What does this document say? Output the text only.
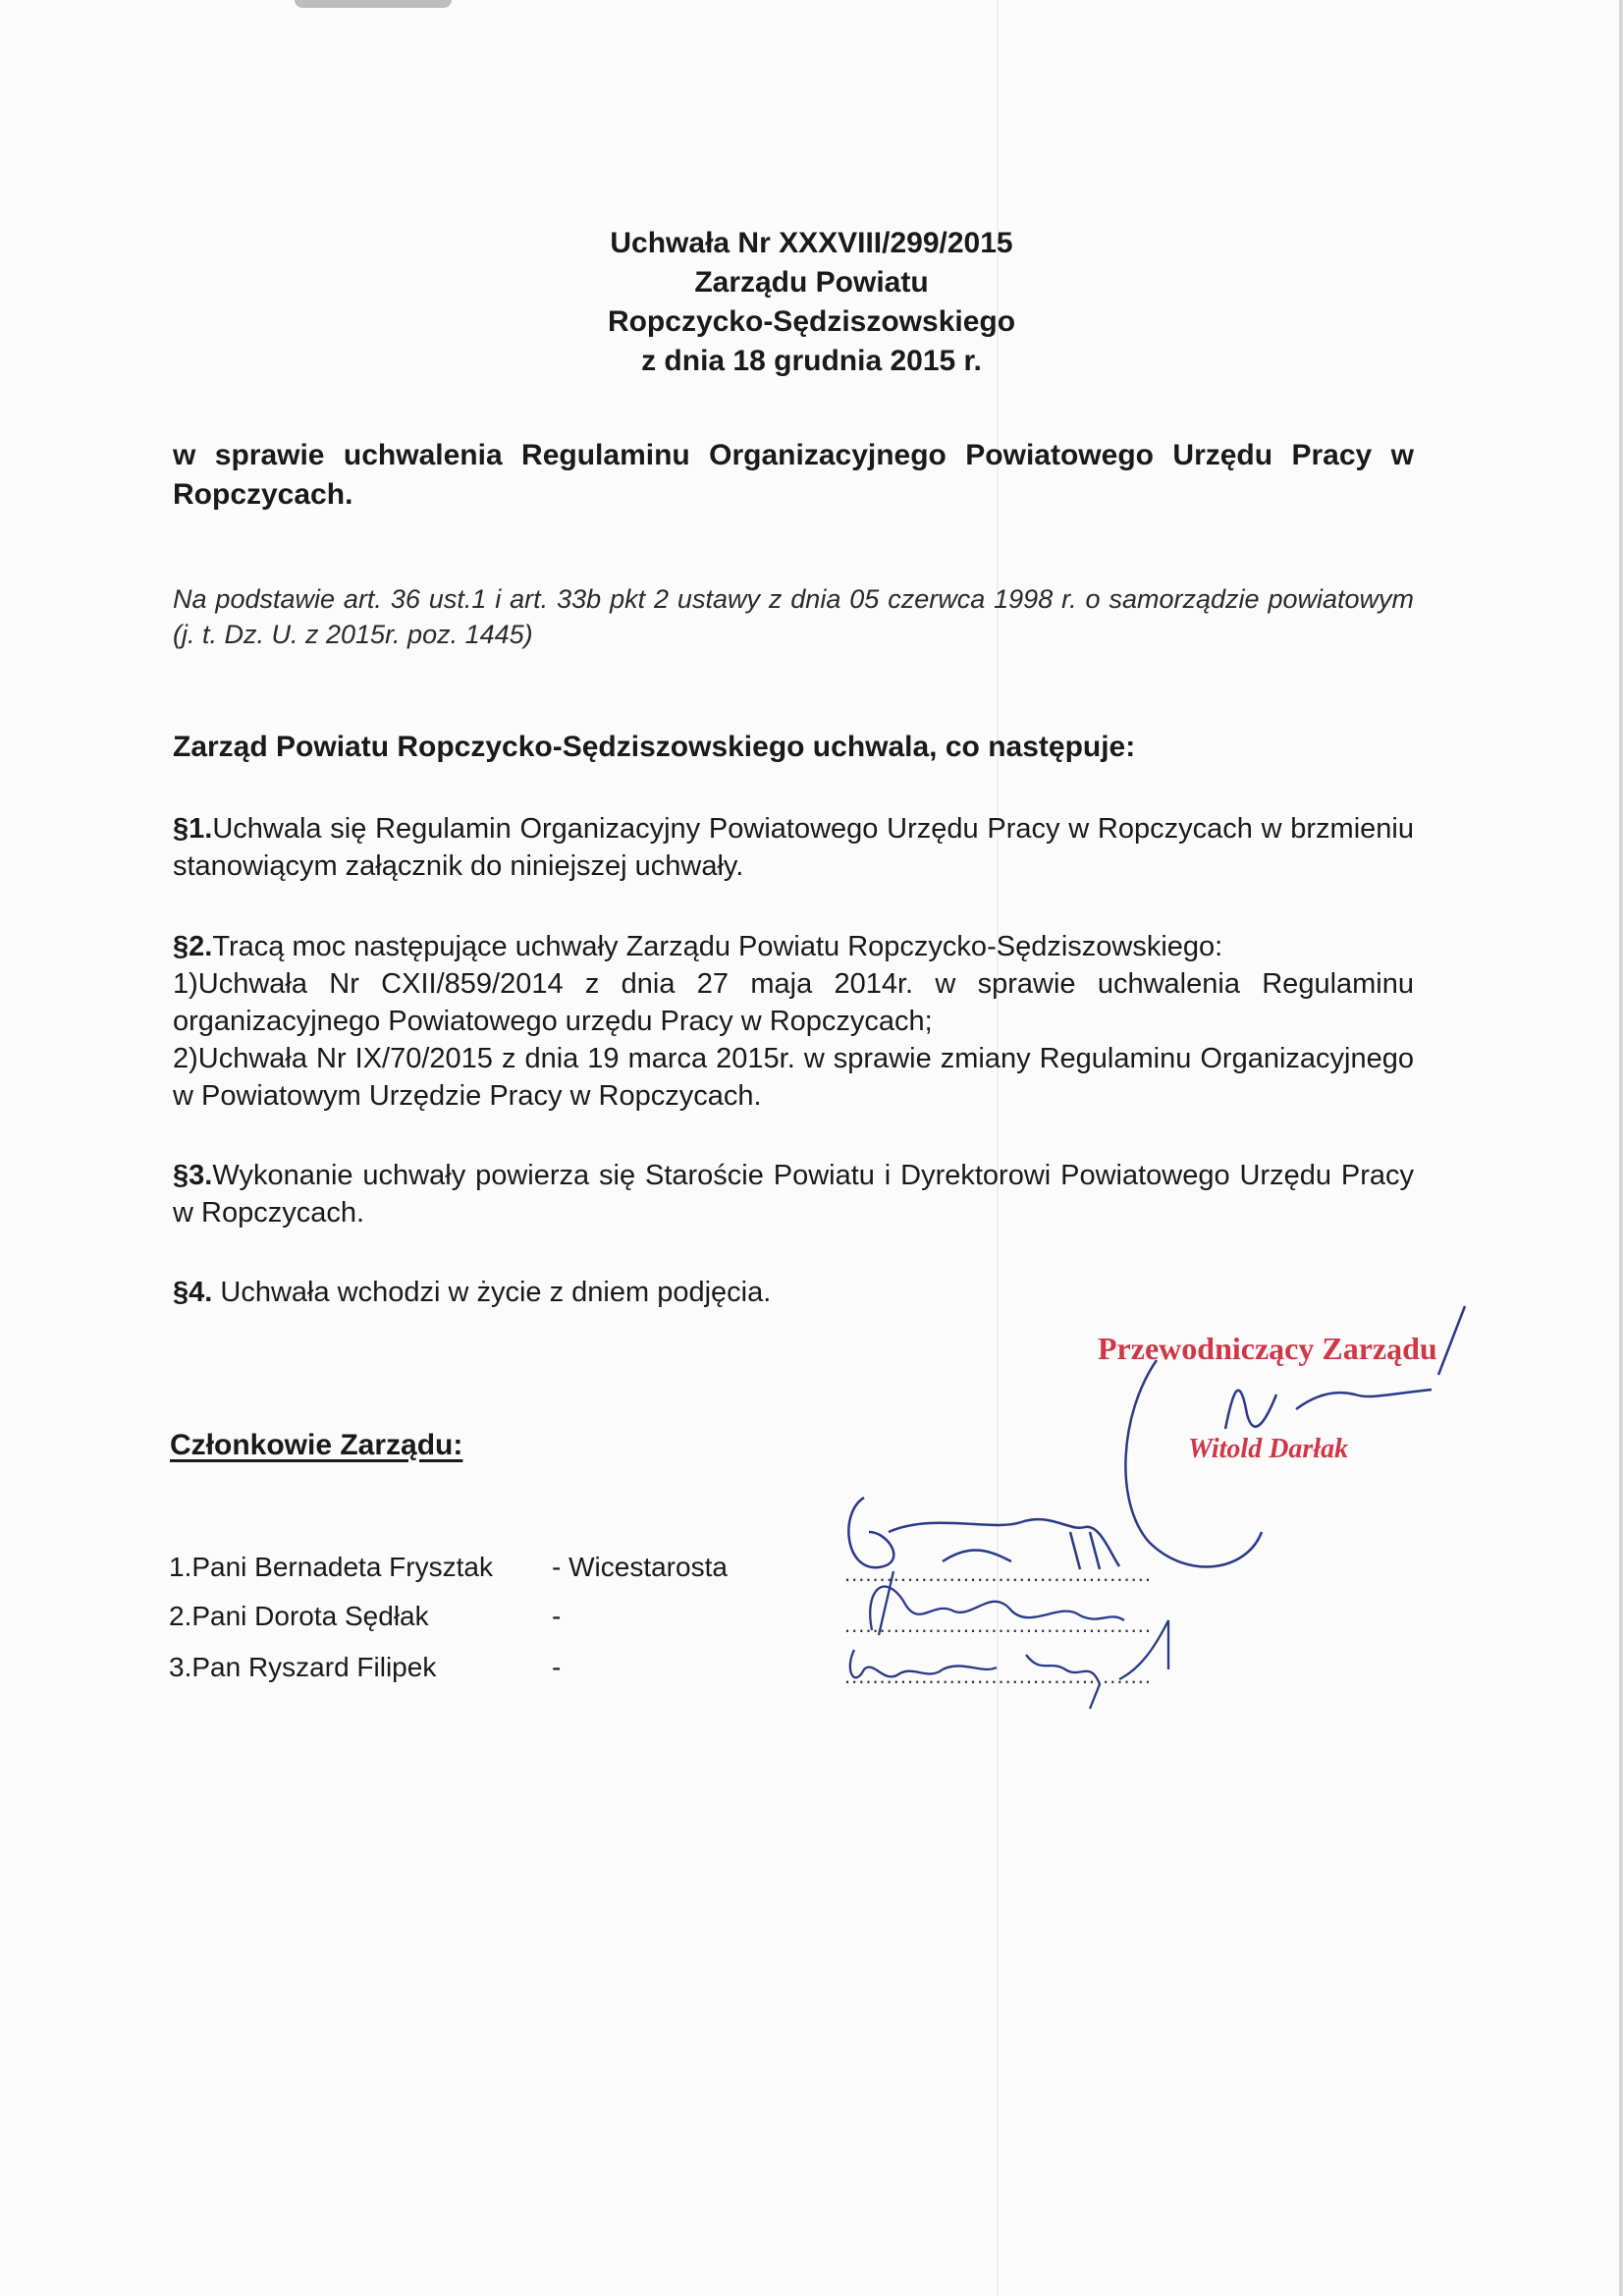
Uchwała Nr XXXVIII/299/2015
Zarządu Powiatu
Ropczycko-Sędziszowskiego
z dnia 18 grudnia 2015 r.
w sprawie uchwalenia Regulaminu Organizacyjnego Powiatowego Urzędu Pracy w Ropczycach.
Na podstawie art. 36 ust.1 i art. 33b pkt 2 ustawy z dnia 05 czerwca 1998 r. o samorządzie powiatowym (j. t. Dz. U. z 2015r. poz. 1445)
Zarząd Powiatu Ropczycko-Sędziszowskiego uchwala, co następuje:
§1.Uchwala się Regulamin Organizacyjny Powiatowego Urzędu Pracy w Ropczycach w brzmieniu stanowiącym załącznik do niniejszej uchwały.
§2.Tracą moc następujące uchwały Zarządu Powiatu Ropczycko-Sędziszowskiego:
1)Uchwała Nr CXII/859/2014 z dnia 27 maja 2014r. w sprawie uchwalenia Regulaminu organizacyjnego Powiatowego urzędu Pracy w Ropczycach;
2)Uchwała Nr IX/70/2015 z dnia 19 marca 2015r. w sprawie zmiany Regulaminu Organizacyjnego w Powiatowym Urzędzie Pracy w Ropczycach.
§3.Wykonanie uchwały powierza się Staroście Powiatu i Dyrektorowi Powiatowego Urzędu Pracy w Ropczycach.
§4. Uchwała wchodzi w życie z dniem podjęcia.
Przewodniczący Zarządu
Witold Darłak
Członkowie Zarządu:
1.Pani Bernadeta Frysztak - Wicestarosta
2.Pani Dorota Sędłak	-
3.Pan Ryszard Filipek	-
............................................
............................................
............................................
